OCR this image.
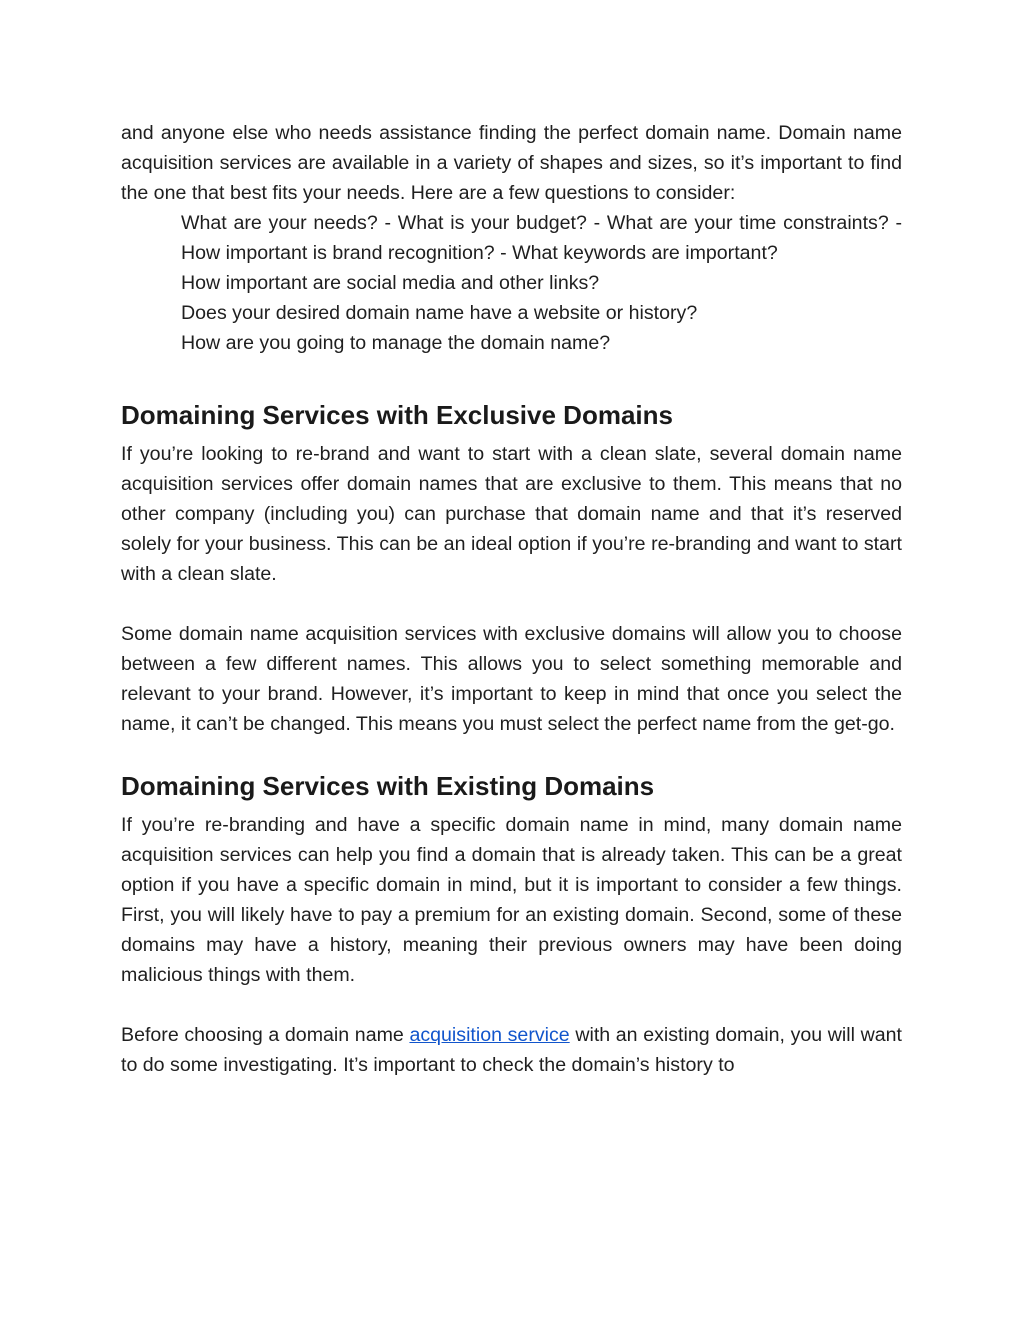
and anyone else who needs assistance finding the perfect domain name. Domain name acquisition services are available in a variety of shapes and sizes, so it’s important to find the one that best fits your needs. Here are a few questions to consider:

What are your needs? - What is your budget? - What are your time constraints? - How important is brand recognition? - What keywords are important?
How important are social media and other links?
Does your desired domain name have a website or history?
How are you going to manage the domain name?
Domaining Services with Exclusive Domains

If you’re looking to re-brand and want to start with a clean slate, several domain name acquisition services offer domain names that are exclusive to them. This means that no other company (including you) can purchase that domain name and that it’s reserved solely for your business. This can be an ideal option if you’re re-branding and want to start with a clean slate.

Some domain name acquisition services with exclusive domains will allow you to choose between a few different names. This allows you to select something memorable and relevant to your brand. However, it’s important to keep in mind that once you select the name, it can’t be changed. This means you must select the perfect name from the get-go.

Domaining Services with Existing Domains

If you’re re-branding and have a specific domain name in mind, many domain name acquisition services can help you find a domain that is already taken. This can be a great option if you have a specific domain in mind, but it is important to consider a few things. First, you will likely have to pay a premium for an existing domain. Second, some of these domains may have a history, meaning their previous owners may have been doing malicious things with them.

Before choosing a domain name acquisition service with an existing domain, you will want to do some investigating. It’s important to check the domain’s history to
